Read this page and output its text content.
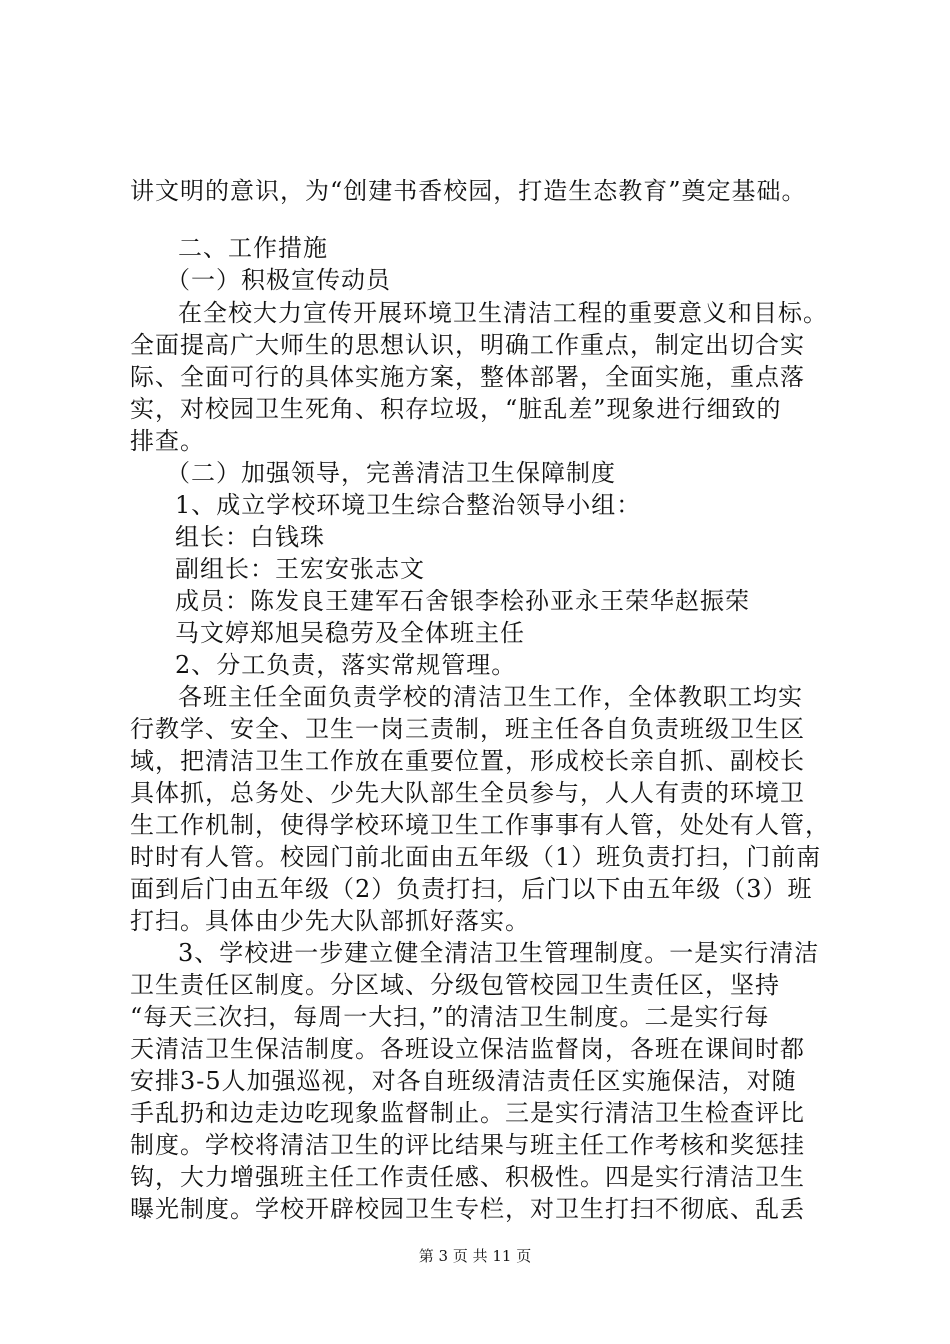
讲文明的意识，为“创建书香校园，打造生态教育”奠定基础。
二、工作措施
（一）积极宣传动员
在全校大力宣传开展环境卫生清洁工程的重要意义和目标。
全面提高广大师生的思想认识，明确工作重点，制定出切合实
际、全面可行的具体实施方案，整体部署，全面实施，重点落
实，对校园卫生死角、积存垃圾，“脏乱差”现象进行细致的
排查。
（二）加强领导，完善清洁卫生保障制度
1、成立学校环境卫生综合整治领导小组：
组长：白钱珠
副组长：王宏安张志文
成员：陈发良王建军石舍银李桧孙亚永王荣华赵振荣
马文婷郑旭吴稳劳及全体班主任
2、分工负责，落实常规管理。
各班主任全面负责学校的清洁卫生工作，全体教职工均实
行教学、安全、卫生一岗三责制，班主任各自负责班级卫生区
域，把清洁卫生工作放在重要位置，形成校长亲自抓、副校长
具体抓，总务处、少先大队部生全员参与，人人有责的环境卫
生工作机制，使得学校环境卫生工作事事有人管，处处有人管，
时时有人管。校园门前北面由五年级（1）班负责打扫，门前南
面到后门由五年级（2）负责打扫，后门以下由五年级（3）班
打扫。具体由少先大队部抓好落实。
3、学校进一步建立健全清洁卫生管理制度。一是实行清洁
卫生责任区制度。分区域、分级包管校园卫生责任区，坚持
“每天三次扫，每周一大扫，”的清洁卫生制度。二是实行每
天清洁卫生保洁制度。各班设立保洁监督岗，各班在课间时都
安排3-5人加强巡视，对各自班级清洁责任区实施保洁，对随
手乱扔和边走边吃现象监督制止。三是实行清洁卫生检查评比
制度。学校将清洁卫生的评比结果与班主任工作考核和奖惩挂
钩，大力增强班主任工作责任感、积极性。四是实行清洁卫生
曝光制度。学校开辟校园卫生专栏，对卫生打扫不彻底、乱丢
第 3 页 共 11 页
